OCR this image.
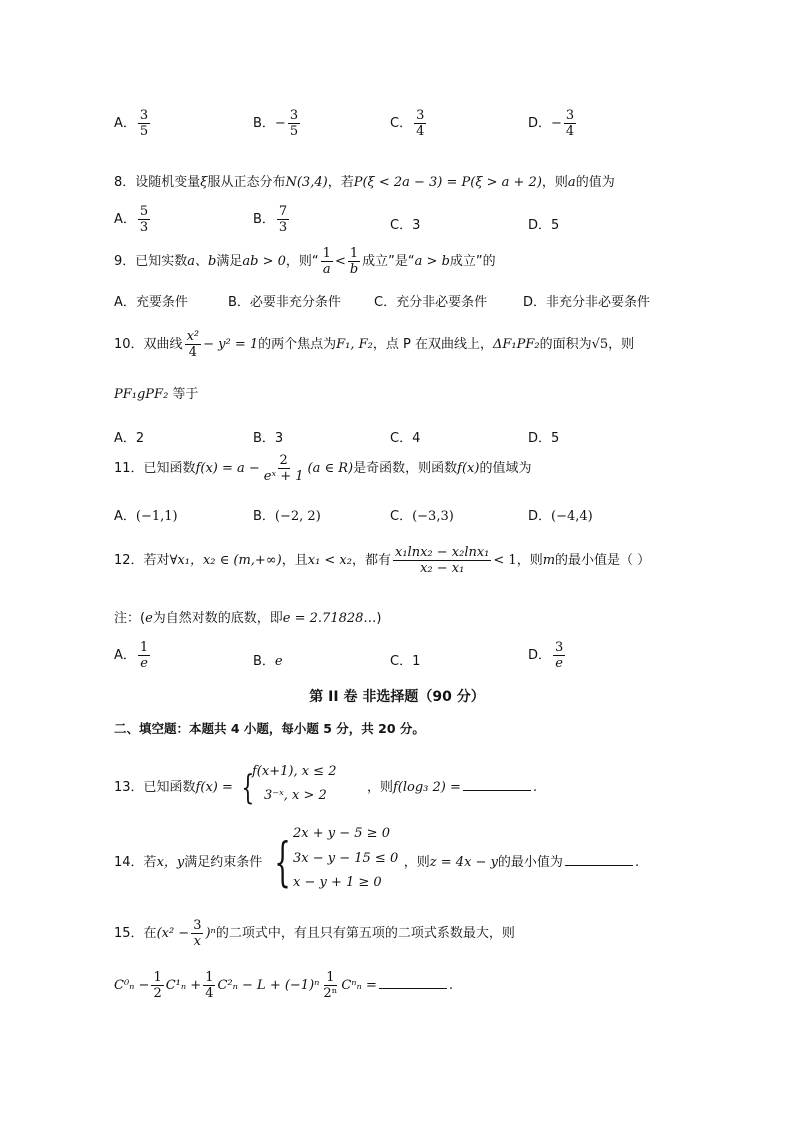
A． $\frac{3}{5}$	B．− $\frac{3}{5}$	C． $\frac{3}{4}$	D．− $\frac{3}{4}$
8．设随机变量ξ服从正态分布N(3,4)，若P(ξ < 2a − 3) = P(ξ > a + 2)，则a的值为
A． $\frac{5}{3}$	B． $\frac{7}{3}$	C．3	D．5
9．已知实数a、b满足ab > 0，则“ $\frac{1}{a} < \frac{1}{b}$ 成立”是“a > b成立”的
A．充要条件	B．必要非充分条件	C．充分非必要条件	D．非充分非必要条件
10．双曲线 $\frac{\text{x²}}{4} - y^2 = 1$的两个焦点为F₁, F₂，点 P 在双曲线上，ΔF₁PF₂的面积为√5，则
PF₁gPF₂ 等于
A．2	B．3	C．4	D．5
11．已知函数$f(x) = a - \frac{2}{\text{eˣ + 1}} (a$ ∈ R)是奇函数，则函数f(x)的值域为
A．(−1,1)	B．(−2, 2)	C．(−3,3)	D．(−4,4)
12．若对∀x₁，x₂ ∈ (m,+∞)，且x₁ < x₂，都有 $\frac{\text{x₁lnx₂ − x₂lnx₁}}{\text{x₂ − x₁}} < 1$，则m的最小值是（ ）
注：(e为自然对数的底数，即e = 2.71828…)
A． $\frac{1}{e}$	B．e	C．1	D． $\frac{3}{e}$
第 II 卷 非选择题（90 分）
二、填空题：本题共 4 小题，每小题 5 分，共 20 分。
13．已知函数f(x) = {	，则f(log₃ 2) =	.
f(x+1), x ≤ 2
3⁻ˣ, x > 2
14．若x，y满足约束条件 {	，则z = 4x − y的最小值为	.
2x + y − 5 ≥ 0
3x − y − 15 ≤ 0
x − y + 1 ≥ 0
15．在$(x^2 - \frac{3}{x} )^n$的二项式中，有且只有第五项的二项式系数最大，则
$C^0_n - \frac{1}{2} C^1_n + \frac{1}{4} C^2_n - L + (-1)^n \frac{1}{\text{2ⁿ}}$ Cⁿₙ =	.
